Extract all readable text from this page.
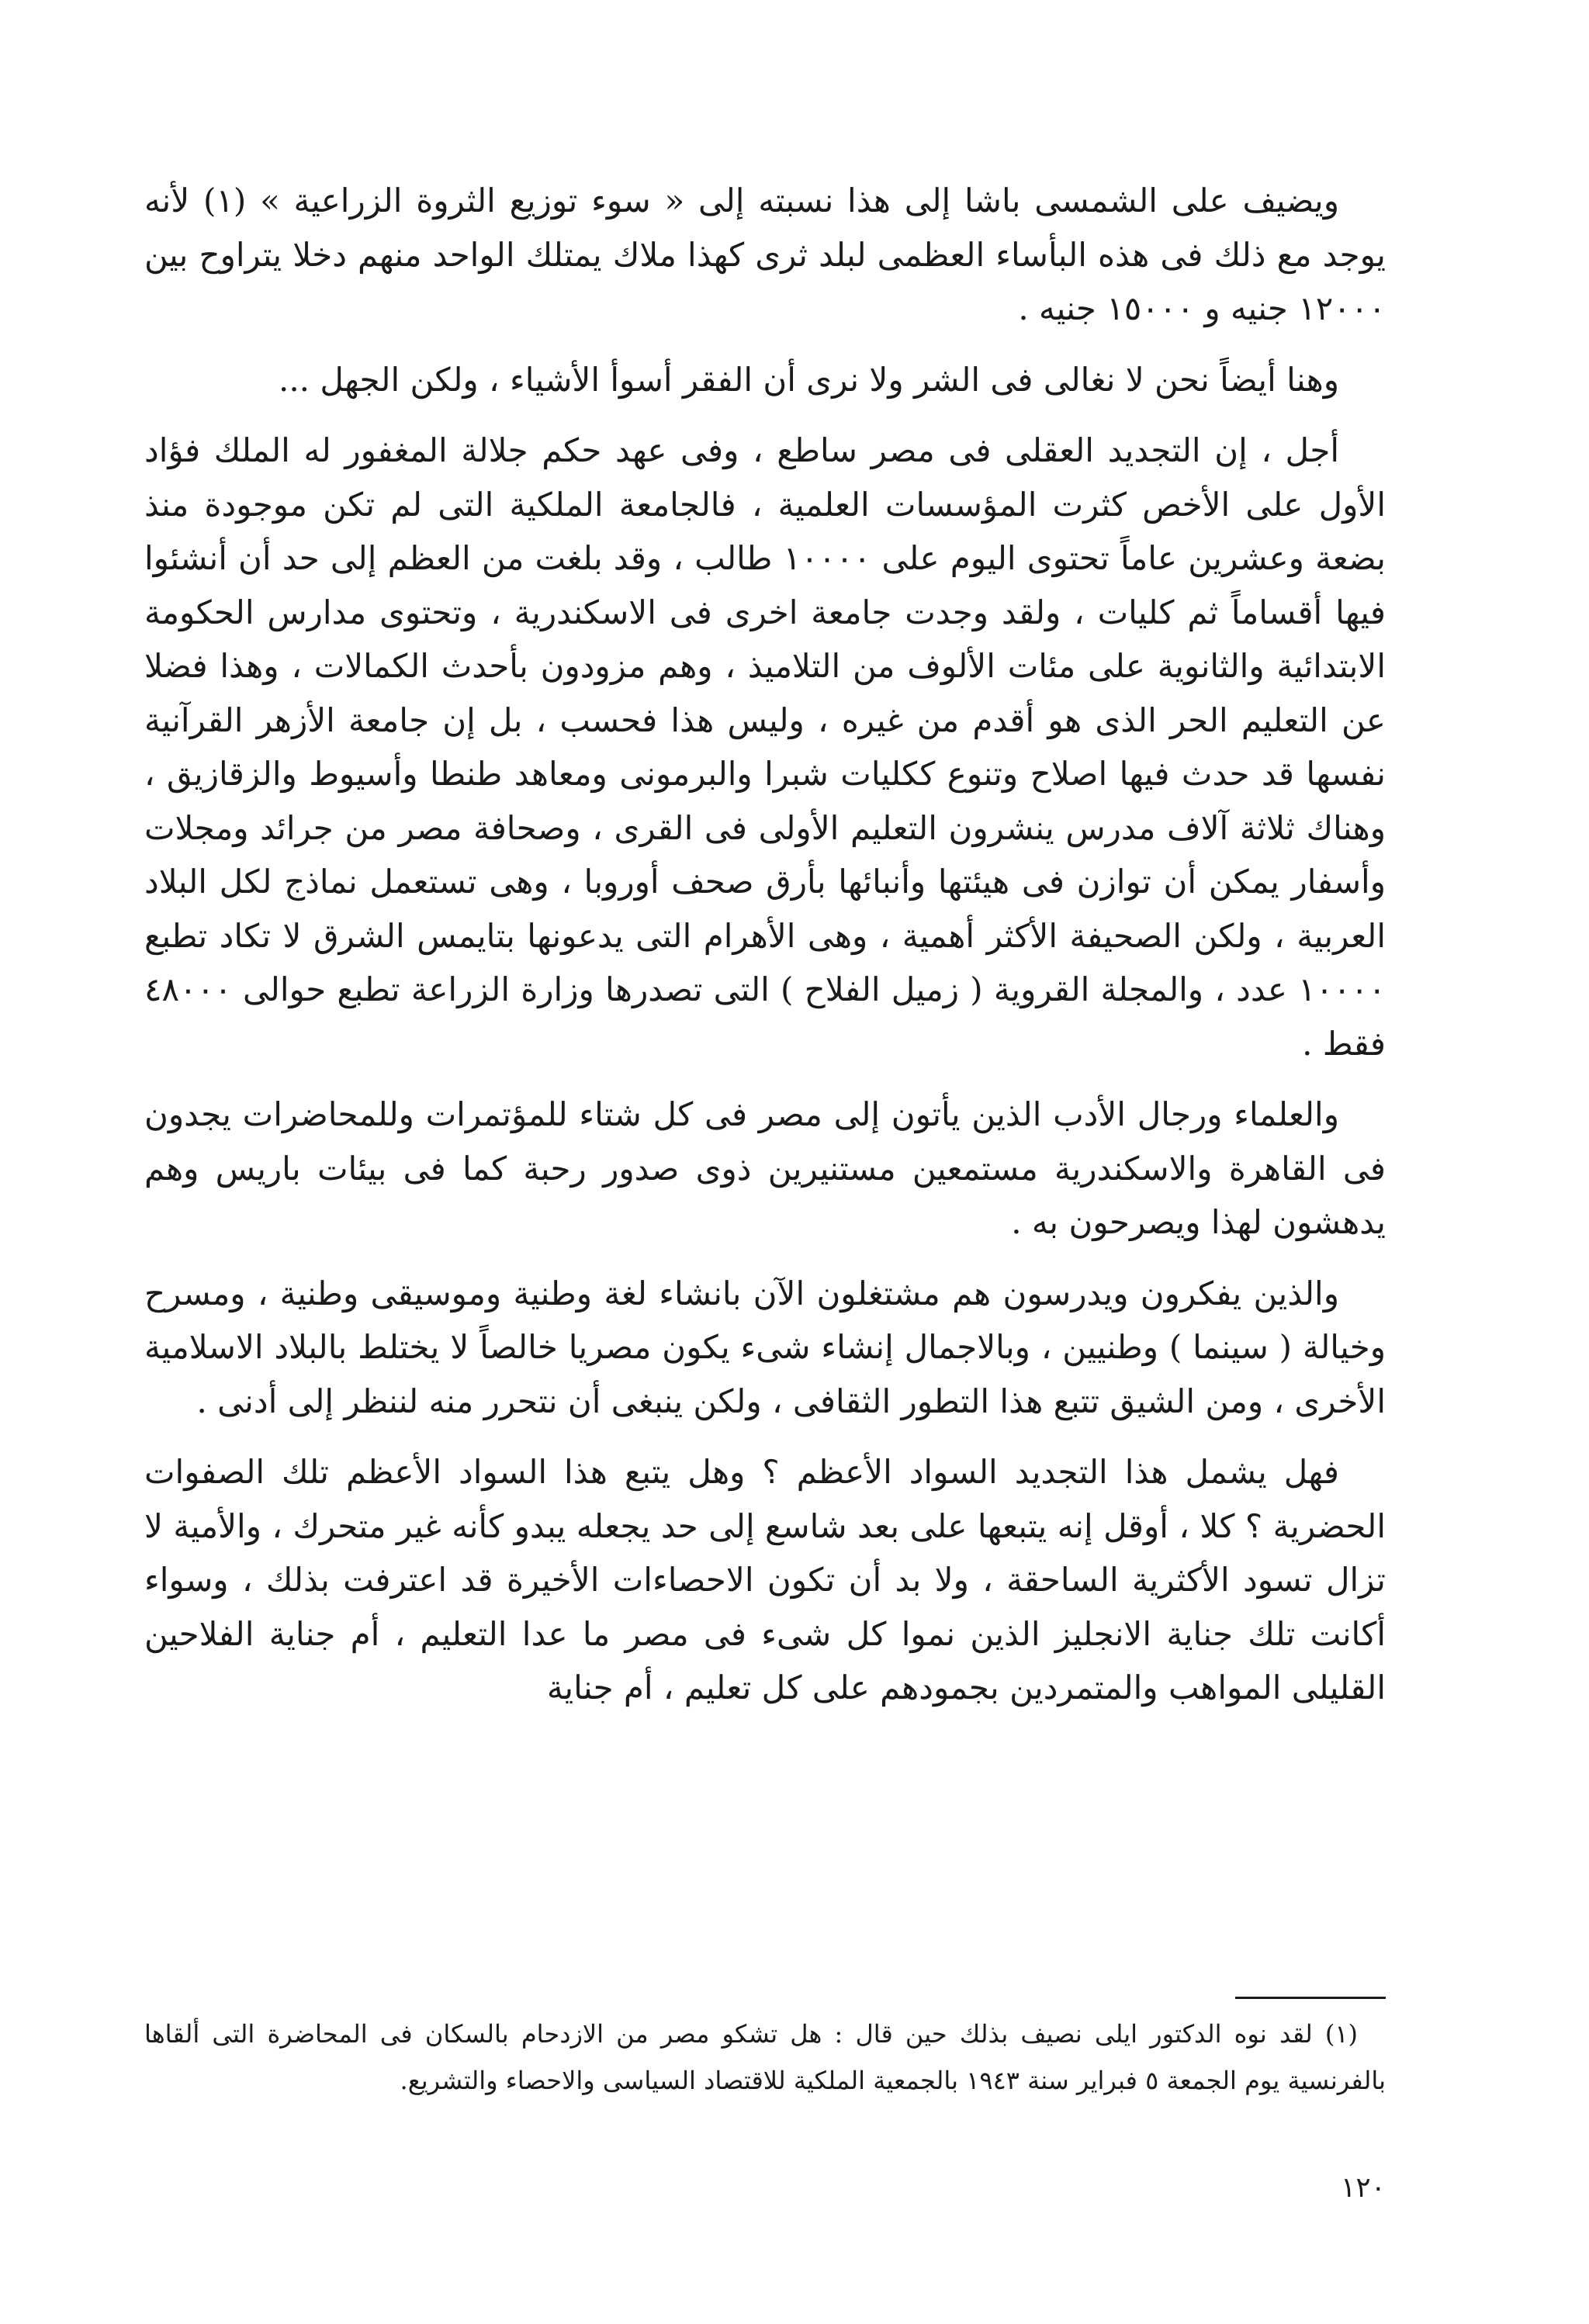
ويضيف على الشمسى باشا إلى هذا نسبته إلى « سوء توزيع الثروة الزراعية » (١) لأنه يوجد مع ذلك فى هذه البأساء العظمى لبلد ثرى كهذا ملاك يمتلك الواحد منهم دخلا يتراوح بين ١٢٠٠٠ جنيه و ١٥٠٠٠ جنيه .

وهنا أيضاً نحن لا نغالى فى الشر ولا نرى أن الفقر أسوأ الأشياء ، ولكن الجهل ...

أجل ، إن التجديد العقلى فى مصر ساطع ، وفى عهد حكم جلالة المغفور له الملك فؤاد الأول على الأخص كثرت المؤسسات العلمية ، فالجامعة الملكية التى لم تكن موجودة منذ بضعة وعشرين عاماً تحتوى اليوم على ١٠٠٠٠ طالب ، وقد بلغت من العظم إلى حد أن أنشئوا فيها أقساماً ثم كليات ، ولقد وجدت جامعة اخرى فى الاسكندرية ، وتحتوى مدارس الحكومة الابتدائية والثانوية على مئات الألوف من التلاميذ ، وهم مزودون بأحدث الكمالات ، وهذا فضلا عن التعليم الحر الذى هو أقدم من غيره ، وليس هذا فحسب ، بل إن جامعة الأزهر القرآنية نفسها قد حدث فيها اصلاح وتنوع ككليات شبرا والبرمونى ومعاهد طنطا وأسيوط والزقازيق ، وهناك ثلاثة آلاف مدرس ينشرون التعليم الأولى فى القرى ، وصحافة مصر من جرائد ومجلات وأسفار يمكن أن توازن فى هيئتها وأنبائها بأرق صحف أوروبا ، وهى تستعمل نماذج لكل البلاد العربية ، ولكن الصحيفة الأكثر أهمية ، وهى الأهرام التى يدعونها بتايمس الشرق لا تكاد تطبع ١٠٠٠٠ عدد ، والمجلة القروية ( زميل الفلاح ) التى تصدرها وزارة الزراعة تطبع حوالى ٤٨٠٠٠ فقط .

والعلماء ورجال الأدب الذين يأتون إلى مصر فى كل شتاء للمؤتمرات وللمحاضرات يجدون فى القاهرة والاسكندرية مستمعين مستنيرين ذوى صدور رحبة كما فى بيئات باريس وهم يدهشون لهذا ويصرحون به .

والذين يفكرون ويدرسون هم مشتغلون الآن بانشاء لغة وطنية وموسيقى وطنية ، ومسرح وخيالة ( سينما ) وطنيين ، وبالاجمال إنشاء شىء يكون مصريا خالصاً لا يختلط بالبلاد الاسلامية الأخرى ، ومن الشيق تتبع هذا التطور الثقافى ، ولكن ينبغى أن نتحرر منه لننظر إلى أدنى .

فهل يشمل هذا التجديد السواد الأعظم ؟ وهل يتبع هذا السواد الأعظم تلك الصفوات الحضرية ؟ كلا ، أوقل إنه يتبعها على بعد شاسع إلى حد يجعله يبدو كأنه غير متحرك ، والأمية لا تزال تسود الأكثرية الساحقة ، ولا بد أن تكون الاحصاءات الأخيرة قد اعترفت بذلك ، وسواء أكانت تلك جناية الانجليز الذين نموا كل شىء فى مصر ما عدا التعليم ، أم جناية الفلاحين القليلى المواهب والمتمردين بجمودهم على كل تعليم ، أم جناية

(١) لقد نوه الدكتور ايلى نصيف بذلك حين قال : هل تشكو مصر من الازدحام بالسكان فى المحاضرة التى ألقاها بالفرنسية يوم الجمعة ٥ فبراير سنة ١٩٤٣ بالجمعية الملكية للاقتصاد السياسى والاحصاء والتشريع.

١٢٠
